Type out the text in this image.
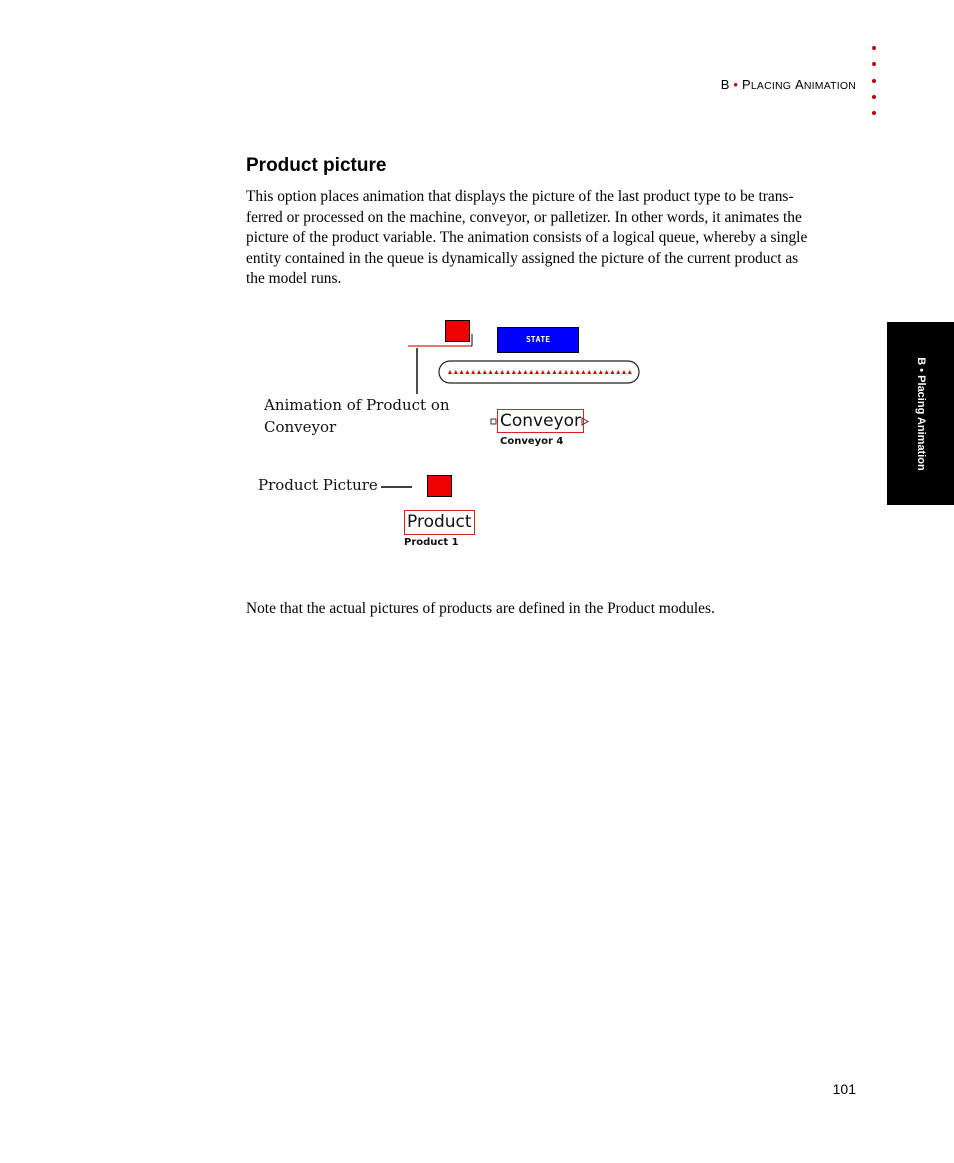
B • PLACING ANIMATION
B • Placing Animation
Product picture

This option places animation that displays the picture of the last product type to be trans-
ferred or processed on the machine, conveyor, or palletizer. In other words, it animates the
picture of the product variable. The animation consists of a logical queue, whereby a single
entity contained in the queue is dynamically assigned the picture of the current product as
the model runs.

STATE
Animation of Product on
Conveyor	Conveyor
Conveyor 4
Product Picture
Product
Product 1

Note that the actual pictures of products are defined in the Product modules.

101
